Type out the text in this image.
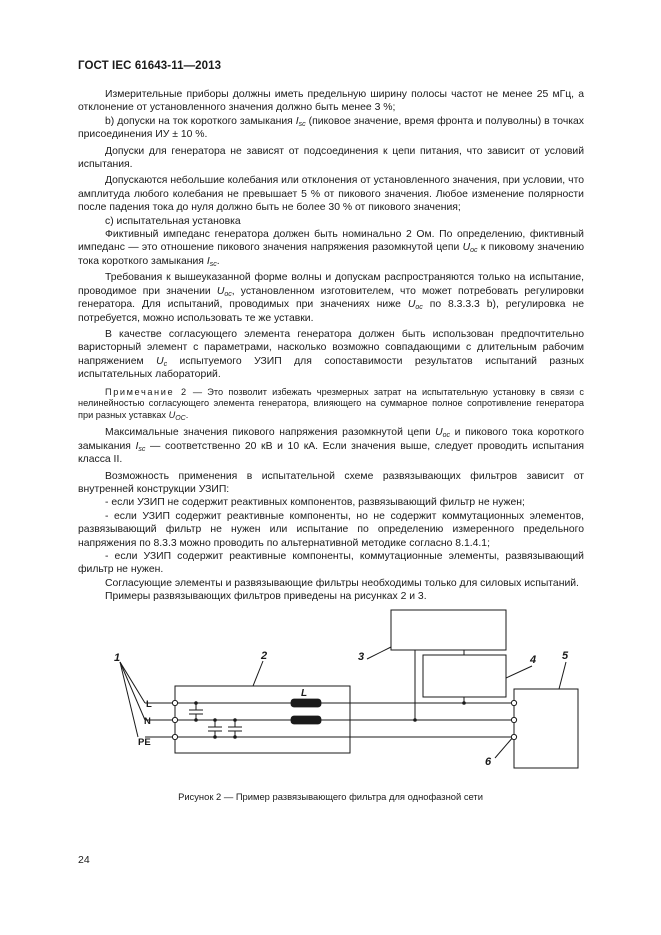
ГОСТ IEC 61643-11—2013

Измерительные приборы должны иметь предельную ширину полосы частот не менее 25 мГц, а отклонение от установленного значения должно быть менее 3 %;

b) допуски на ток короткого замыкания $I_{sc}$ (пиковое значение, время фронта и полуволны) в точках присоединения ИУ ± 10 %.

Допуски для генератора не зависят от подсоединения к цепи питания, что зависит от условий испытания.

Допускаются небольшие колебания или отклонения от установленного значения, при условии, что амплитуда любого колебания не превышает 5 % от пикового значения. Любое изменение полярности после падения тока до нуля должно быть не более 30 % от пикового значения;

c) испытательная установка

Фиктивный импеданс генератора должен быть номинально 2 Ом. По определению, фиктивный импеданс — это отношение пикового значения напряжения разомкнутой цепи $U_{oc}$ к пиковому значению тока короткого замыкания $I_{sc}$.

Требования к вышеуказанной форме волны и допускам распространяются только на испытание, проводимое при значении $U_{oc}$, установленном изготовителем, что может потребовать регулировки генератора. Для испытаний, проводимых при значениях ниже $U_{oc}$ по 8.3.3.3 b), регулировка не потребуется, можно использовать те же уставки.

В качестве согласующего элемента генератора должен быть использован предпочтительно варисторный элемент с параметрами, насколько возможно совпадающими с длительным рабочим напряжением $U_c$ испытуемого УЗИП для сопоставимости результатов испытаний разных испытательных лабораторий.

Примечание 2 — Это позволит избежать чрезмерных затрат на испытательную установку в связи с нелинейностью согласующего элемента генератора, влияющего на суммарное полное сопротивление генератора при разных уставках $U_{OC}$.

Максимальные значения пикового напряжения разомкнутой цепи $U_{oc}$ и пикового тока короткого замыкания $I_{sc}$ — соответственно 20 кВ и 10 кА. Если значения выше, следует проводить испытания класса II.

Возможность применения в испытательной схеме развязывающих фильтров зависит от внутренней конструкции УЗИП:

- если УЗИП не содержит реактивных компонентов, развязывающий фильтр не нужен;

- если УЗИП содержит реактивные компоненты, но не содержит коммутационных элементов, развязывающий фильтр не нужен или испытание по определению измеренного предельного напряжения по 8.3.3 можно проводить по альтернативной методике согласно 8.1.4.1;

- если УЗИП содержит реактивные компоненты, коммутационные элементы, развязывающий фильтр не нужен.

Согласующие элементы и развязывающие фильтры необходимы только для силовых испытаний.

Примеры развязывающих фильтров приведены на рисунках 2 и 3.

1	2	3	4 5
6
L
L
N
PE
Рисунок 2 — Пример развязывающего фильтра для однофазной сети
24
